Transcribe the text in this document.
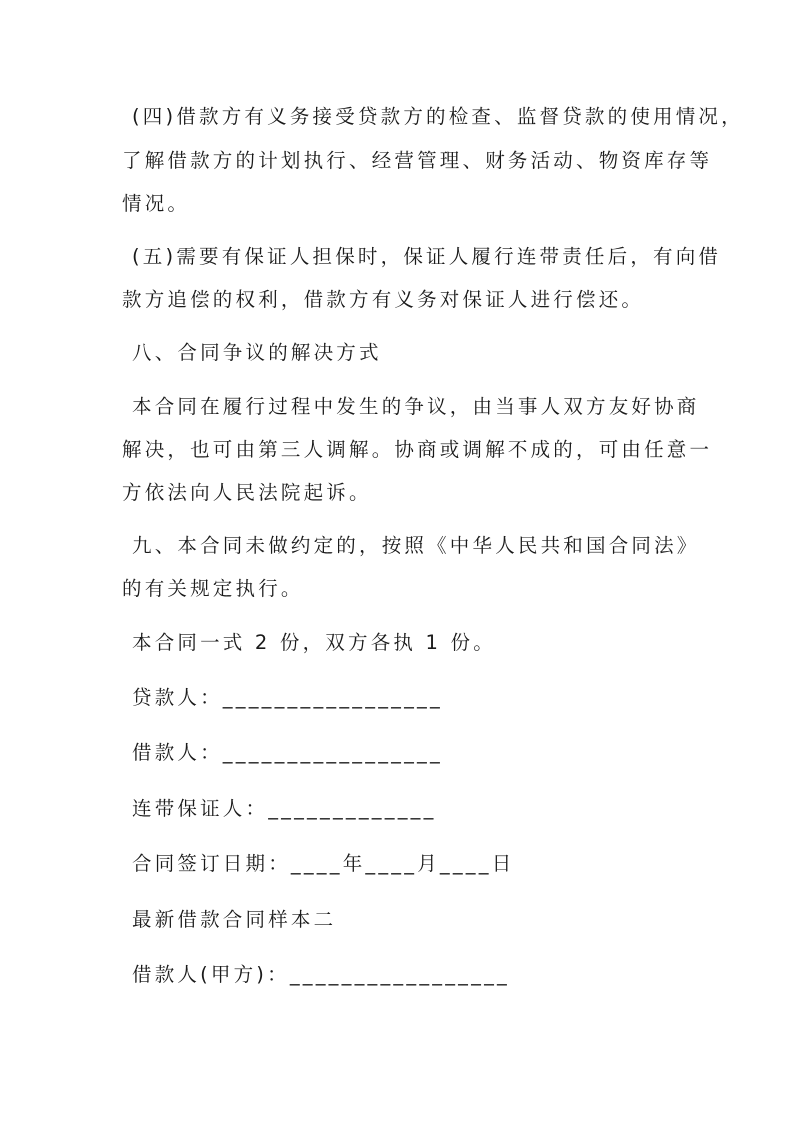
(四)借款方有义务接受贷款方的检查、监督贷款的使用情况，
了解借款方的计划执行、经营管理、财务活动、物资库存等
情况。
(五)需要有保证人担保时，保证人履行连带责任后，有向借
款方追偿的权利，借款方有义务对保证人进行偿还。
八、合同争议的解决方式
本合同在履行过程中发生的争议，由当事人双方友好协商
解决，也可由第三人调解。协商或调解不成的，可由任意一
方依法向人民法院起诉。
九、本合同未做约定的，按照《中华人民共和国合同法》
的有关规定执行。
本合同一式 2 份，双方各执 1 份。
贷款人：_________________
借款人：_________________
连带保证人：_____________
合同签订日期：____年____月____日
最新借款合同样本二
借款人(甲方)：_________________
